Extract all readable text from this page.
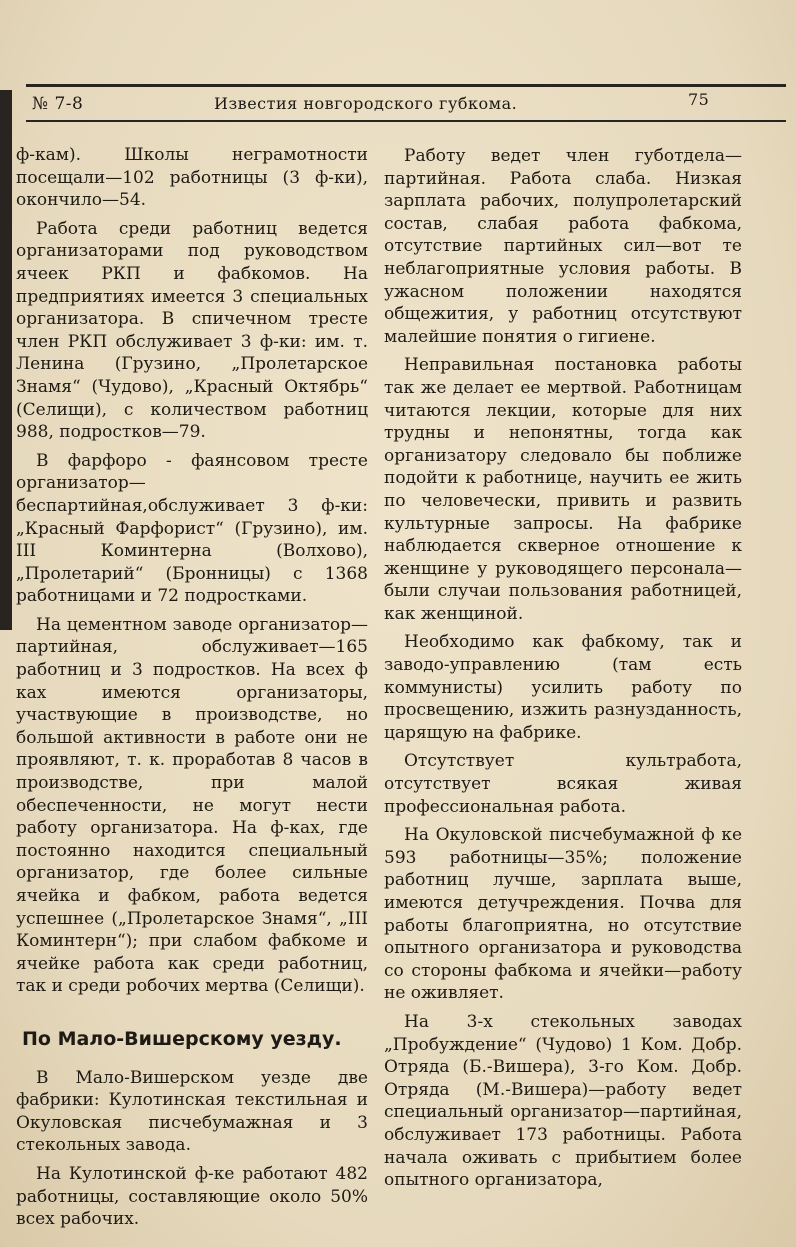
№ 7-8	Известия новгородского губкома.	75

ф-кам). Школы неграмотности посещали—102 работницы (3 ф-ки), окончило—54.

Работа среди работниц ведется организаторами под руководством ячеек РКП и фабкомов. На предприятиях имеется 3 специальных организатора. В спичечном тресте член РКП обслуживает 3 ф-ки: им. т. Ленина (Грузино, „Пролетарское Знамя“ (Чудово), „Красный Октябрь“ (Селищи), с количеством работниц 988, подростков—79.

В фарфоро - фаянсовом тресте организатор—беспартийная,обслуживает 3 ф-ки: „Красный Фарфорист“ (Грузино), им. III Коминтерна (Волхово), „Пролетарий“ (Бронницы) с 1368 работницами и 72 подростками.

На цементном заводе организатор—партийная, обслуживает—165 работниц и 3 подростков. На всех ф ках имеются организаторы, участвующие в производстве, но большой активности в работе они не проявляют, т. к. проработав 8 часов в производстве, при малой обеспеченности, не могут нести работу организатора. На ф-ках, где постоянно находится специальный организатор, где более сильные ячейка и фабком, работа ведется успешнее („Пролетарское Знамя“, „III Коминтерн“); при слабом фабкоме и ячейке работа как среди работниц, так и среди робочих мертва (Селищи).

По Мало-Вишерскому уезду.

В Мало-Вишерском уезде две фабрики: Кулотинская текстильная и Окуловская писчебумажная и 3 стекольных завода.

На Кулотинской ф-ке работают 482 работницы, составляющие около 50% всех рабочих.

Работу ведет член губотдела—партийная. Работа слаба. Низкая зарплата рабочих, полупролетарский состав, слабая работа фабкома, отсутствие партийных сил—вот те неблагоприятные условия работы. В ужасном положении находятся общежития, у работниц отсутствуют малейшие понятия о гигиене.

Неправильная постановка работы так же делает ее мертвой. Работницам читаются лекции, которые для них трудны и непонятны, тогда как организатору следовало бы поближе подойти к работнице, научить ее жить по человечески, привить и развить культурные запросы. На фабрике наблюдается скверное отношение к женщине у руководящего персонала—были случаи пользования работницей, как женщиной.

Необходимо как фабкому, так и заводо-управлению (там есть коммунисты) усилить работу по просвещению, изжить разнузданность, царящую на фабрике.

Отсутствует культработа, отсутствует всякая живая профессиональная работа.

На Окуловской писчебумажной ф ке 593 работницы—35%; положение работниц лучше, зарплата выше, имеются детучреждения. Почва для работы благоприятна, но отсутствие опытного организатора и руководства со стороны фабкома и ячейки—работу не оживляет.

На 3-х стекольных заводах „Пробуждение“ (Чудово) 1 Ком. Добр. Отряда (Б.-Вишера), 3-го Ком. Добр. Отряда (М.-Вишера)—работу ведет специальный организатор—партийная, обслуживает 173 работницы. Работа начала оживать с прибытием более опытного организатора,
